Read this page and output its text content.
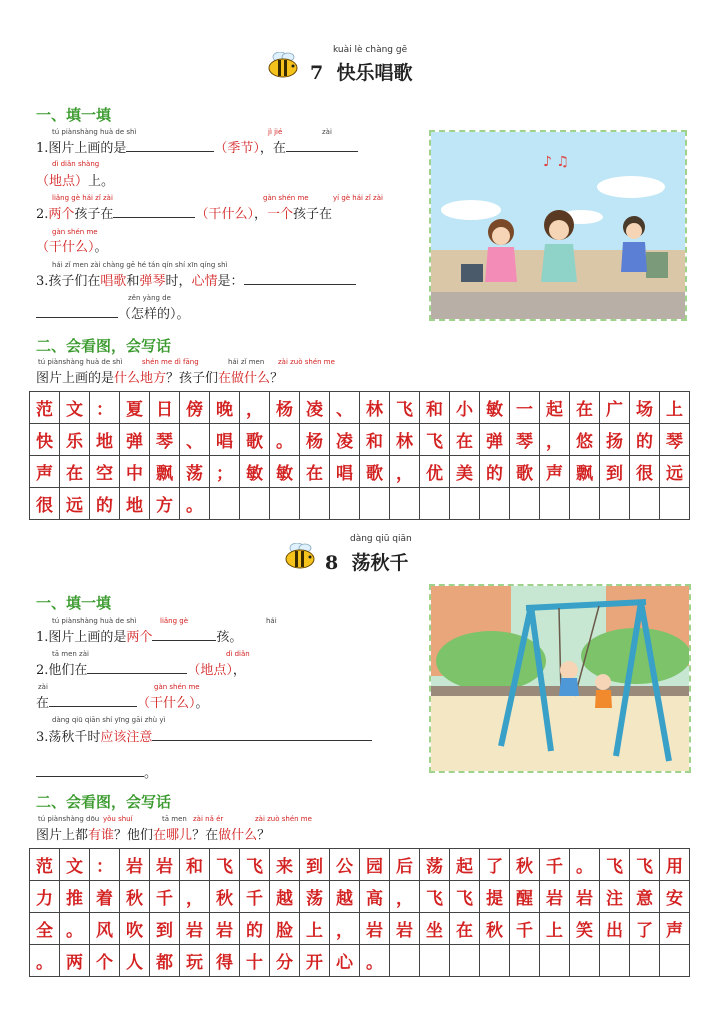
kuài lè chàng gē
7 快乐唱歌
一、填一填
tú piànshàng huà de shì	jì jié	zài
1.图片上画的是	（季节），在
dì diǎn shàng
（地点）上。
liǎng gè hái zǐ zài	gàn shén me	yí gè hái zǐ zài
2.两个孩子在	（干什么），一个孩子在
gàn shén me
（干什么）。
hái zǐ men zài chàng gē hé tán qín shí xīn qíng shì
3.孩子们在唱歌和弹琴时，心情是：
zěn yàng de
（怎样的）。
♪ ♫
二、会看图，会写话
tú piànshàng huà de shì	shén me dì fāng	hái zǐ men zài zuò shén me
图片上画的是什么地方？孩子们在做什么？
范	文	：	夏	日	傍	晚	，	杨	凌	、	林	飞	和	小	敏	一	起	在	广	场	上
快	乐	地	弹	琴	、	唱	歌	。	杨	凌	和	林	飞	在	弹	琴	，	悠	扬	的	琴
声	在	空	中	飘	荡	；	敏	敏	在	唱	歌	，	优	美	的	歌	声	飘	到	很	远
很	远	的	地	方	。																
dàng qiū qiān
8 荡秋千
一、填一填
tú piànshàng huà de shì	liǎng gè	hái
1.图片上画的是两个	孩。
tā men zài	dì diǎn
2.他们在	（地点），
zài	gàn shén me
在	（干什么）。
dàng qiū qiān shí yīng gāi zhù yì
3.荡秋千时应该注意
。
二、会看图，会写话
tú piànshàng dōu yǒu shuí	tā men zài nǎ ér	zài zuò shén me
图片上都有谁？他们在哪儿？在做什么？
范	文	：	岩	岩	和	飞	飞	来	到	公	园	后	荡	起	了	秋	千	。	飞	飞	用
力	推	着	秋	千	，	秋	千	越	荡	越	高	，	飞	飞	提	醒	岩	岩	注	意	安
全	。	风	吹	到	岩	岩	的	脸	上	，	岩	岩	坐	在	秋	千	上	笑	出	了	声
。	两	个	人	都	玩	得	十	分	开	心	。										
